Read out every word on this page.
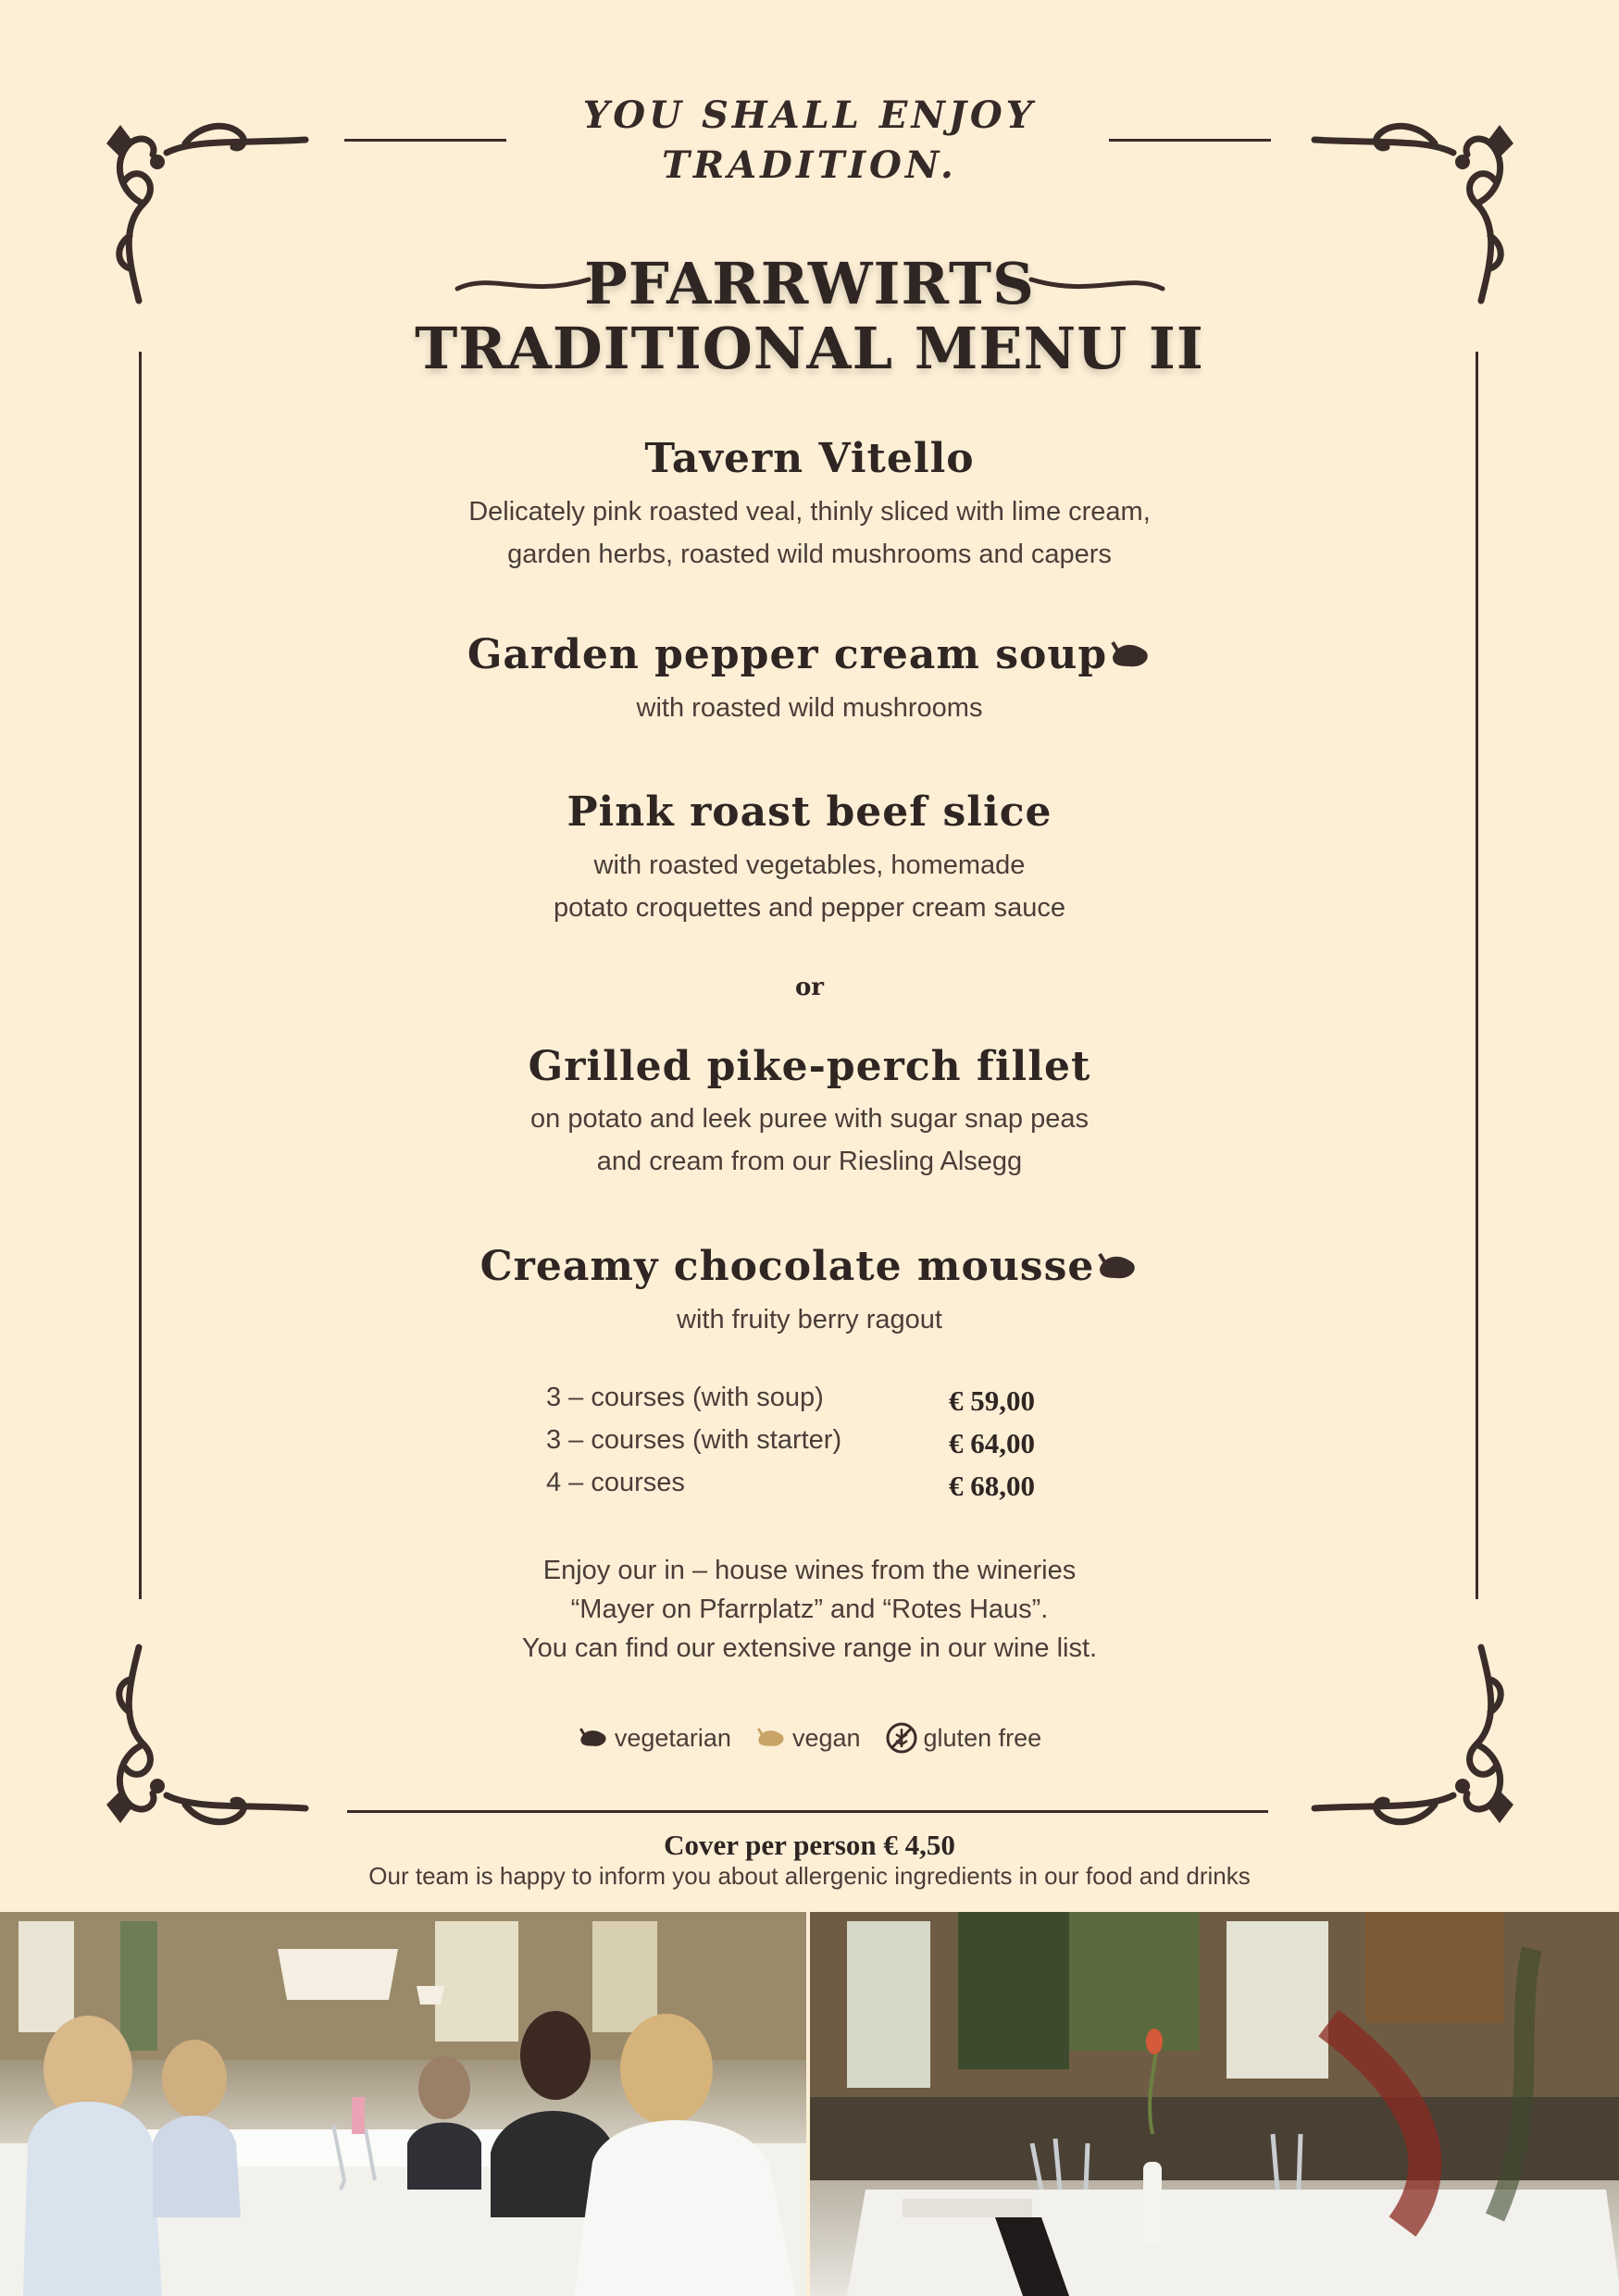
YOU SHALL ENJOY
TRADITION.
PFARRWIRTS
TRADITIONAL MENU II
Tavern Vitello
Delicately pink roasted veal, thinly sliced with lime cream,
garden herbs, roasted wild mushrooms and capers
Garden pepper cream soup
with roasted wild mushrooms
Pink roast beef slice
with roasted vegetables, homemade
potato croquettes and pepper cream sauce
or
Grilled pike-perch fillet
on potato and leek puree with sugar snap peas
and cream from our Riesling Alsegg
Creamy chocolate mousse
with fruity berry ragout
3 – courses (with soup)	€ 59,00
3 – courses (with starter)	€ 64,00
4 – courses	€ 68,00
Enjoy our in – house wines from the wineries
“Mayer on Pfarrplatz” and “Rotes Haus”.
You can find our extensive range in our wine list.
vegetarian vegan	gluten free
Cover per person € 4,50
Our team is happy to inform you about allergenic ingredients in our food and drinks
